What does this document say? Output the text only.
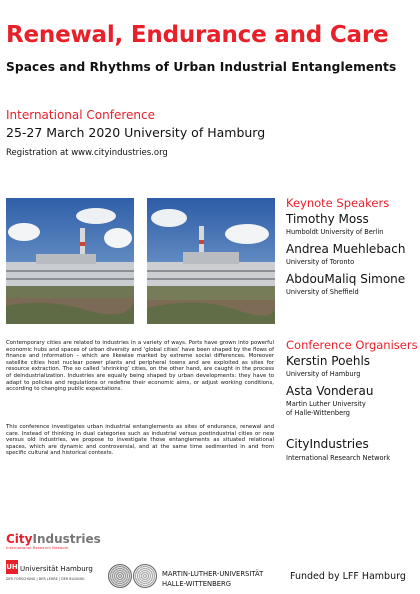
Renewal, Endurance and Care
Spaces and Rhythms of Urban Industrial Entanglements
International Conference
25-27 March 2020 University of Hamburg
Registration at www.cityindustries.org
Keynote Speakers
Timothy Moss
Humboldt University of Berlin
Andrea Muehlebach
University of Toronto
AbdouMaliq Simone
University of Sheffield
Conference Organisers
Kerstin Poehls
University of Hamburg
Asta Vonderau
Martin Luther University
of Halle-Wittenberg
CityIndustries
International Research Network
Contemporary cities are related to industries in a variety of ways. Ports have grown into powerful economic hubs and spaces of urban diversity and ‘global cities’ have been shaped by the flows of finance and information – which are likewise marked by extreme social differences. Moreover satellite cities host nuclear power plants and peripheral towns and are exploited as sites for resource extraction. The so called ‘shrinking’ cities, on the other hand, are caught in the process of deindustrialization. Industries are equally being shaped by urban developments: they have to adapt to policies and regulations or redefine their economic aims, or adjust working conditions, according to changing public expectations.
This conference investigates urban industrial entanglements as sites of endurance, renewal and care. Instead of thinking in dual categories such as industrial versus postindustrial cities or new versus old industries, we propose to investigate those entanglements as situated relational spaces, which are dynamic and controversial, and at the same time sedimented in and from specific cultural and historical contexts.
CityIndustries
International Research Network
UH Universität Hamburg
DER FORSCHUNG | DER LEHRE | DER BILDUNG
MARTIN-LUTHER-UNIVERSITÄT
HALLE-WITTENBERG
Funded by LFF Hamburg
